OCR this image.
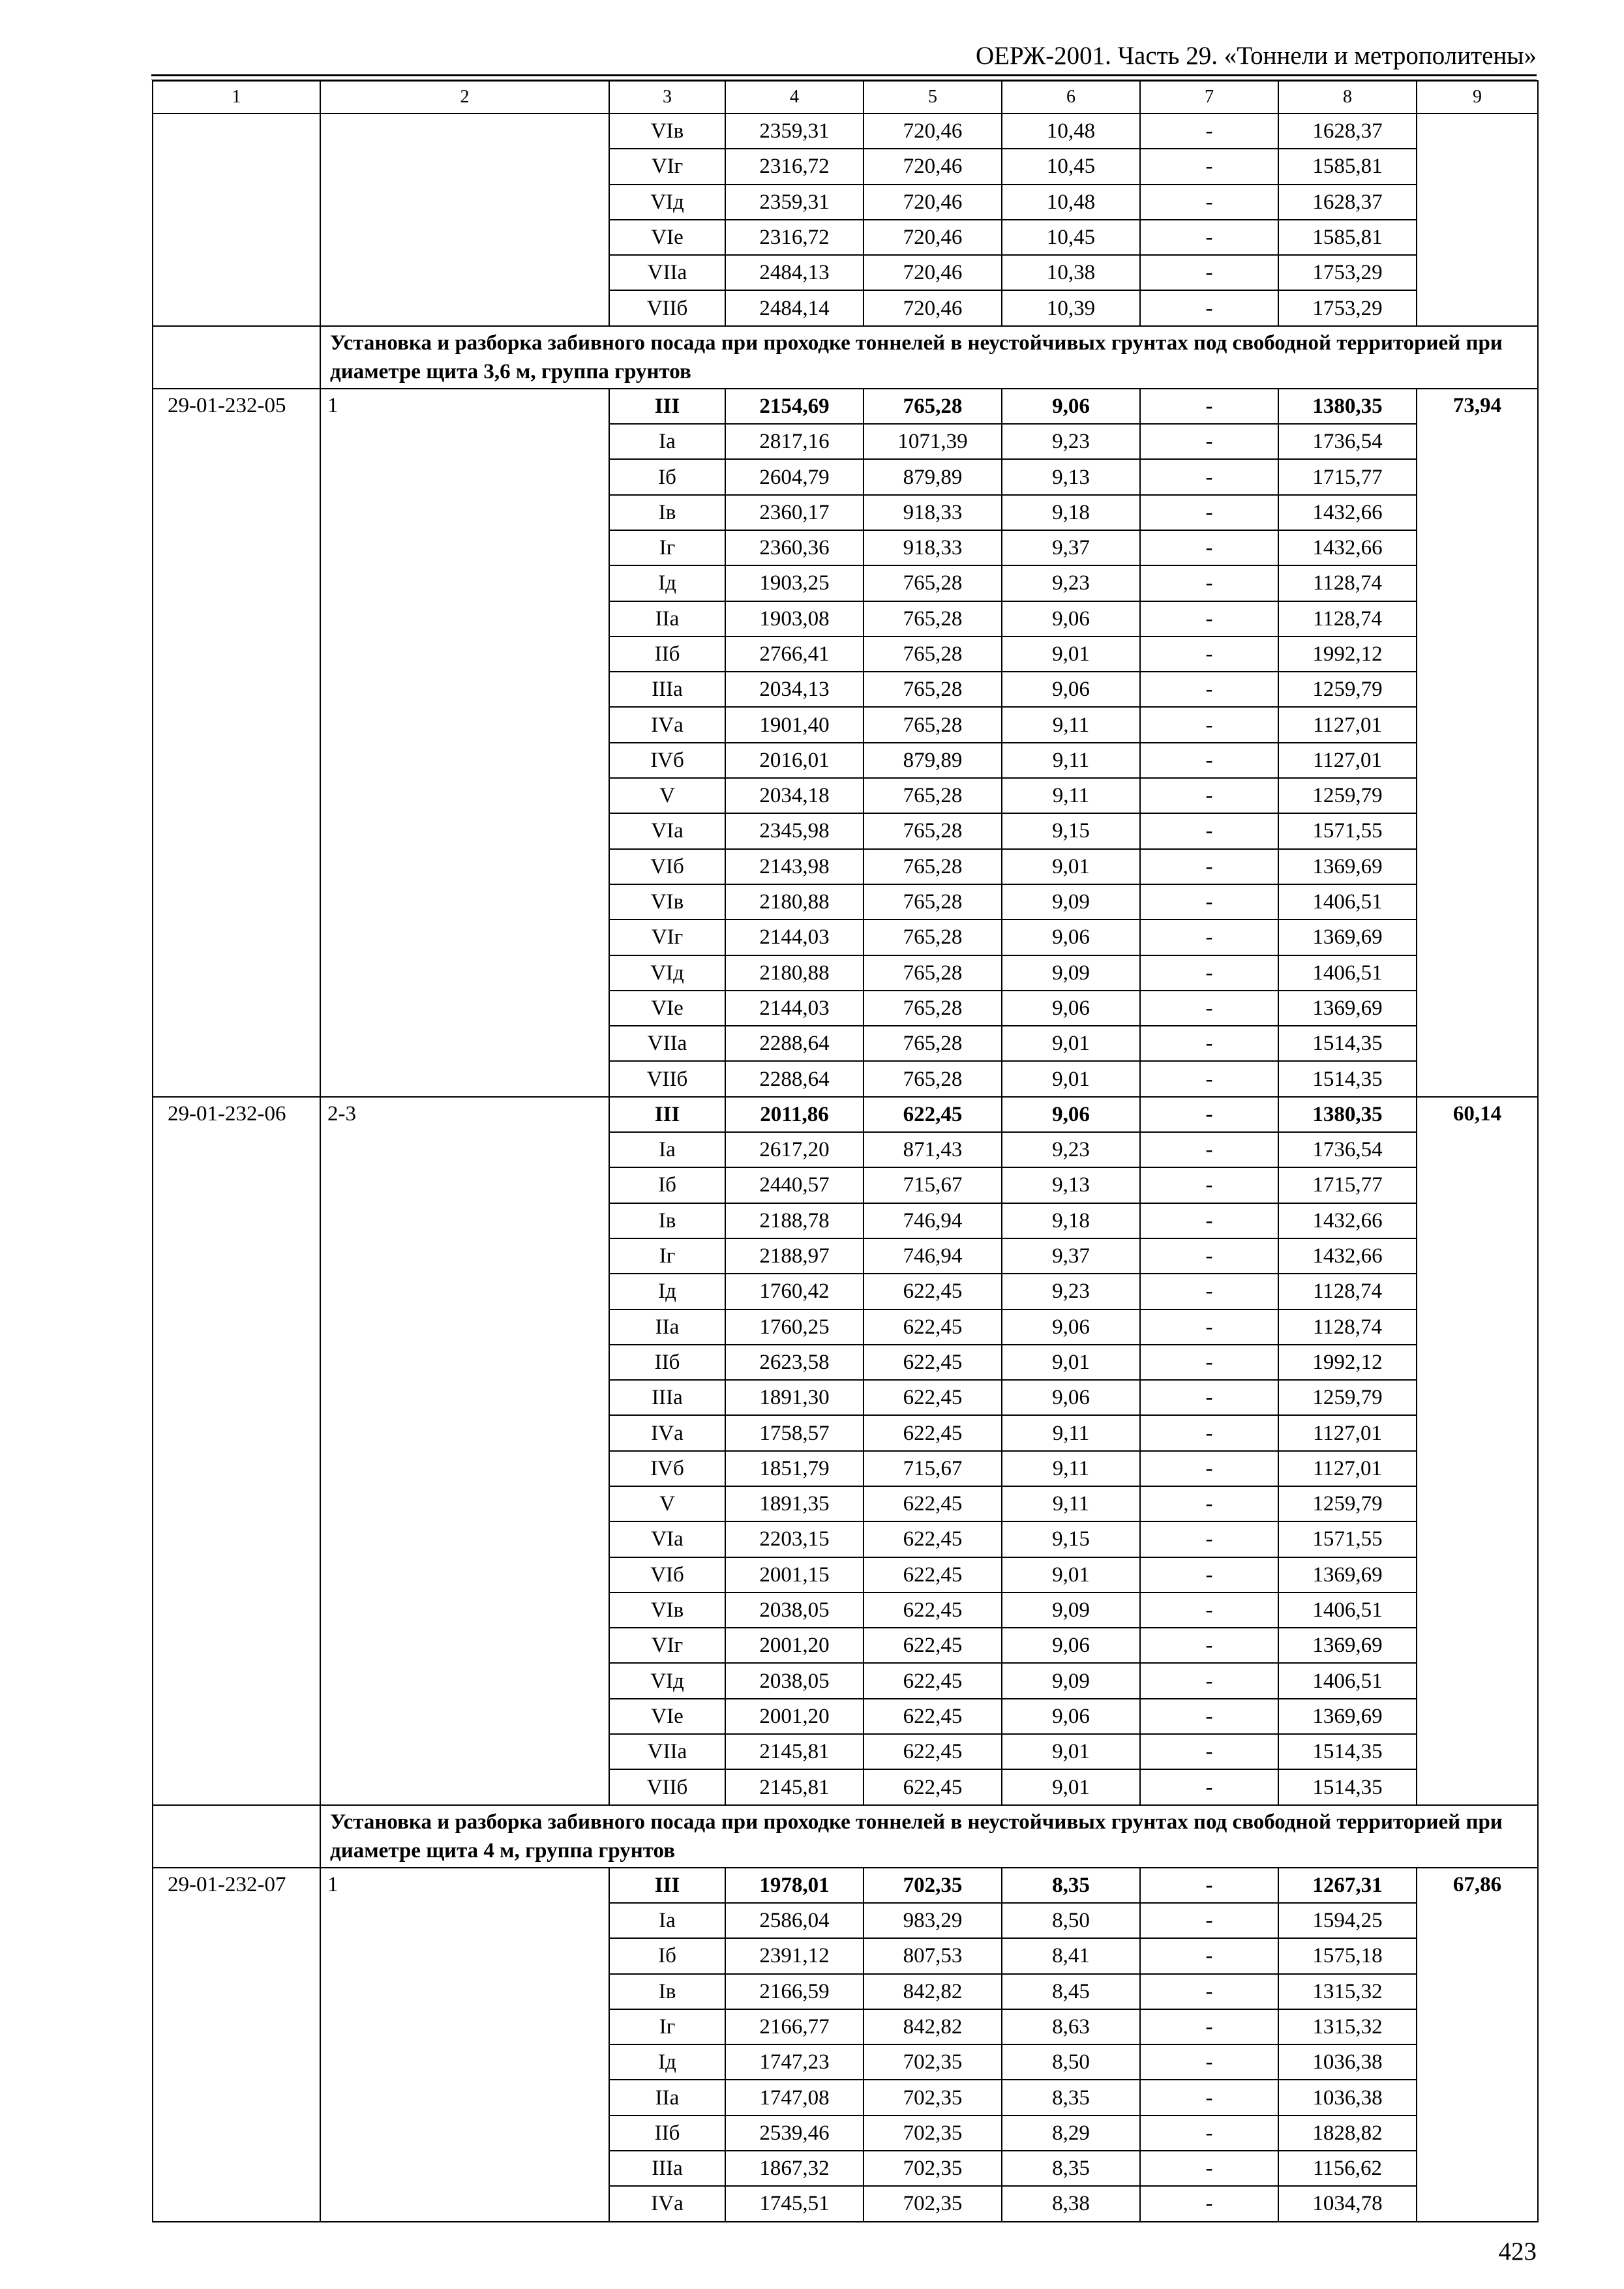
ОЕРЖ-2001. Часть 29. «Тоннели и метрополитены»
1	2	3	4	5	6	7	8	9
		VIв	2359,31	720,46	10,48	-	1628,37	
		VIг	2316,72	720,46	10,45	-	1585,81	
		VIд	2359,31	720,46	10,48	-	1628,37	
		VIе	2316,72	720,46	10,45	-	1585,81	
		VIIа	2484,13	720,46	10,38	-	1753,29	
		VIIб	2484,14	720,46	10,39	-	1753,29	
	Установка и разборка забивного посада при проходке тоннелей в неустойчивых грунтах под свободной территорией при диаметре щита 3,6 м, группа грунтов							
29-01-232-05	1	III	2154,69	765,28	9,06	-	1380,35	73,94
		Iа	2817,16	1071,39	9,23	-	1736,54	
		Iб	2604,79	879,89	9,13	-	1715,77	
		Iв	2360,17	918,33	9,18	-	1432,66	
		Iг	2360,36	918,33	9,37	-	1432,66	
		Iд	1903,25	765,28	9,23	-	1128,74	
		IIа	1903,08	765,28	9,06	-	1128,74	
		IIб	2766,41	765,28	9,01	-	1992,12	
		IIIа	2034,13	765,28	9,06	-	1259,79	
		IVа	1901,40	765,28	9,11	-	1127,01	
		IVб	2016,01	879,89	9,11	-	1127,01	
		V	2034,18	765,28	9,11	-	1259,79	
		VIа	2345,98	765,28	9,15	-	1571,55	
		VIб	2143,98	765,28	9,01	-	1369,69	
		VIв	2180,88	765,28	9,09	-	1406,51	
		VIг	2144,03	765,28	9,06	-	1369,69	
		VIд	2180,88	765,28	9,09	-	1406,51	
		VIе	2144,03	765,28	9,06	-	1369,69	
		VIIа	2288,64	765,28	9,01	-	1514,35	
		VIIб	2288,64	765,28	9,01	-	1514,35	
29-01-232-06	2-3	III	2011,86	622,45	9,06	-	1380,35	60,14
		Iа	2617,20	871,43	9,23	-	1736,54	
		Iб	2440,57	715,67	9,13	-	1715,77	
		Iв	2188,78	746,94	9,18	-	1432,66	
		Iг	2188,97	746,94	9,37	-	1432,66	
		Iд	1760,42	622,45	9,23	-	1128,74	
		IIа	1760,25	622,45	9,06	-	1128,74	
		IIб	2623,58	622,45	9,01	-	1992,12	
		IIIа	1891,30	622,45	9,06	-	1259,79	
		IVа	1758,57	622,45	9,11	-	1127,01	
		IVб	1851,79	715,67	9,11	-	1127,01	
		V	1891,35	622,45	9,11	-	1259,79	
		VIа	2203,15	622,45	9,15	-	1571,55	
		VIб	2001,15	622,45	9,01	-	1369,69	
		VIв	2038,05	622,45	9,09	-	1406,51	
		VIг	2001,20	622,45	9,06	-	1369,69	
		VIд	2038,05	622,45	9,09	-	1406,51	
		VIе	2001,20	622,45	9,06	-	1369,69	
		VIIа	2145,81	622,45	9,01	-	1514,35	
		VIIб	2145,81	622,45	9,01	-	1514,35	
	Установка и разборка забивного посада при проходке тоннелей в неустойчивых грунтах под свободной территорией при диаметре щита 4 м, группа грунтов							
29-01-232-07	1	III	1978,01	702,35	8,35	-	1267,31	67,86
		Iа	2586,04	983,29	8,50	-	1594,25	
		Iб	2391,12	807,53	8,41	-	1575,18	
		Iв	2166,59	842,82	8,45	-	1315,32	
		Iг	2166,77	842,82	8,63	-	1315,32	
		Iд	1747,23	702,35	8,50	-	1036,38	
		IIа	1747,08	702,35	8,35	-	1036,38	
		IIб	2539,46	702,35	8,29	-	1828,82	
		IIIа	1867,32	702,35	8,35	-	1156,62	
		IVа	1745,51	702,35	8,38	-	1034,78	
423
